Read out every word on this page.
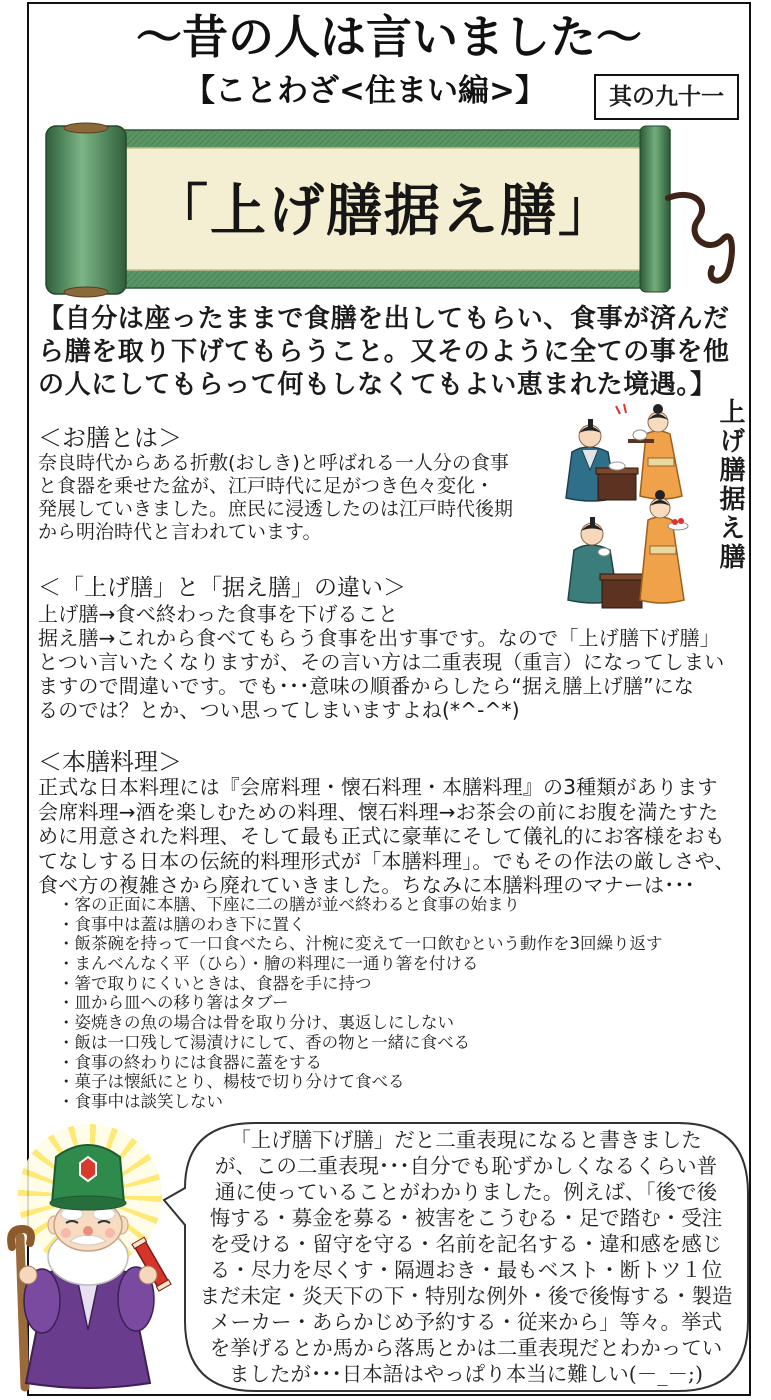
～昔の人は言いました～
【ことわざ<住まい編>】	其の九十一
「上げ膳据え膳」
【自分は座ったままで食膳を出してもらい、食事が済んだ
ら膳を取り下げてもらうこと。又そのように全ての事を他
の人にしてもらって何もしなくてもよい恵まれた境遇。】
＜お膳とは＞
奈良時代からある折敷(おしき)と呼ばれる一人分の食事
と食器を乗せた盆が、江戸時代に足がつき色々変化・
発展していきました。庶民に浸透したのは江戸時代後期
から明治時代と言われています。	上げ膳据え膳
＜「上げ膳」と「据え膳」の違い＞
上げ膳→食べ終わった食事を下げること
据え膳→これから食べてもらう食事を出す事です。なので「上げ膳下げ膳」
とつい言いたくなりますが、その言い方は二重表現（重言）になってしまい
ますので間違いです。でも･･･意味の順番からしたら“据え膳上げ膳”にな
るのでは？とか、つい思ってしまいますよね(*^-^*)
＜本膳料理＞
正式な日本料理には『会席料理・懐石料理・本膳料理』の3種類があります
会席料理→酒を楽しむための料理、懐石料理→お茶会の前にお腹を満たすた
めに用意された料理、そして最も正式に豪華にそして儀礼的にお客様をおも
てなしする日本の伝統的料理形式が「本膳料理」。でもその作法の厳しさや、
食べ方の複雑さから廃れていきました。ちなみに本膳料理のマナーは･･･
・客の正面に本膳、下座に二の膳が並べ終わると食事の始まり
・食事中は蓋は膳のわき下に置く
・飯茶碗を持って一口食べたら、汁椀に変えて一口飲むという動作を3回繰り返す
・まんべんなく平（ひら）・膾の料理に一通り箸を付ける
・箸で取りにくいときは、食器を手に持つ
・皿から皿への移り箸はタブー
・姿焼きの魚の場合は骨を取り分け、裏返しにしない
・飯は一口残して湯漬けにして、香の物と一緒に食べる
・食事の終わりには食器に蓋をする
・菓子は懐紙にとり、楊枝で切り分けて食べる
・食事中は談笑しない
「上げ膳下げ膳」だと二重表現になると書きました
が、この二重表現･･･自分でも恥ずかしくなるくらい普
通に使っていることがわかりました。例えば、「後で後
悔する・募金を募る・被害をこうむる・足で踏む・受注
を受ける・留守を守る・名前を記名する・違和感を感じ
る・尽力を尽くす・隔週おき・最もベスト・断トツ１位
まだ未定・炎天下の下・特別な例外・後で後悔する・製造
メーカー・あらかじめ予約する・従来から」等々。挙式
を挙げるとか馬から落馬とかは二重表現だとわかってい
ましたが･･･日本語はやっぱり本当に難しい(－_－;)
